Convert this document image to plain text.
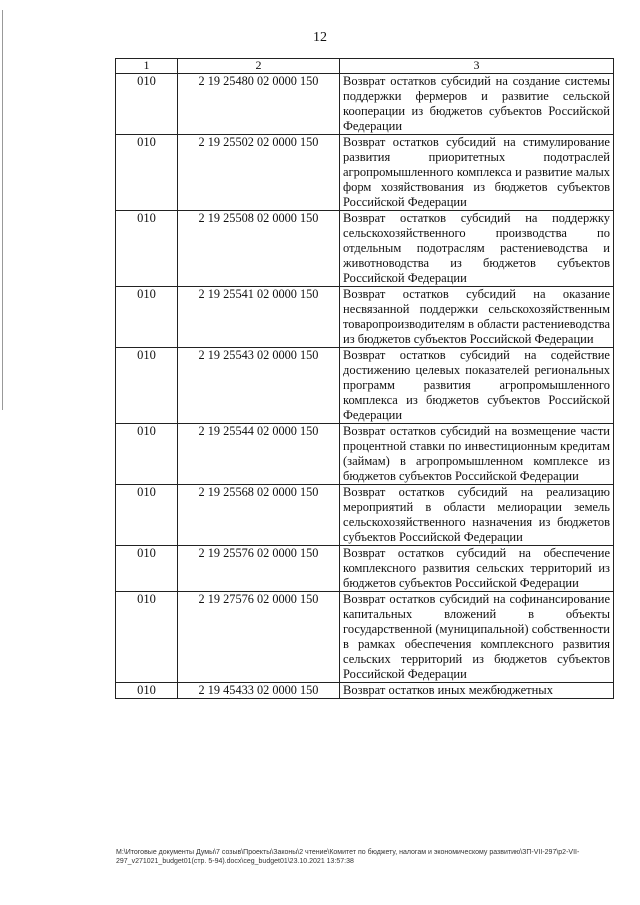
12
1	2	3
010	2 19 25480 02 0000 150	Возврат остатков субсидий на создание системы поддержки фермеров и развитие сельской кооперации из бюджетов субъектов Российской Федерации
010	2 19 25502 02 0000 150	Возврат остатков субсидий на стимулирование развития приоритетных подотраслей агропромышленного комплекса и развитие малых форм хозяйствования из бюджетов субъектов Российской Федерации
010	2 19 25508 02 0000 150	Возврат остатков субсидий на поддержку сельскохозяйственного производства по отдельным подотраслям растениеводства и животноводства из бюджетов субъектов Российской Федерации
010	2 19 25541 02 0000 150	Возврат остатков субсидий на оказание несвязанной поддержки сельскохозяйственным товаропроизводителям в области растениеводства из бюджетов субъектов Российской Федерации
010	2 19 25543 02 0000 150	Возврат остатков субсидий на содействие достижению целевых показателей региональных программ развития агропромышленного комплекса из бюджетов субъектов Российской Федерации
010	2 19 25544 02 0000 150	Возврат остатков субсидий на возмещение части процентной ставки по инвестиционным кредитам (займам) в агропромышленном комплексе из бюджетов субъектов Российской Федерации
010	2 19 25568 02 0000 150	Возврат остатков субсидий на реализацию мероприятий в области мелиорации земель сельскохозяйственного назначения из бюджетов субъектов Российской Федерации
010	2 19 25576 02 0000 150	Возврат остатков субсидий на обеспечение комплексного развития сельских территорий из бюджетов субъектов Российской Федерации
010	2 19 27576 02 0000 150	Возврат остатков субсидий на софинансирование капитальных вложений в объекты государственной (муниципальной) собственности в рамках обеспечения комплексного развития сельских территорий из бюджетов субъектов Российской Федерации
010	2 19 45433 02 0000 150	Возврат остатков иных межбюджетных
M:\Итоговые документы Думы\7 созыв\Проекты\Законы\2 чтение\Комитет по бюджету, налогам и экономическому развитию\ЗП-VII-297\p2-VII-297_v271021_budget01(стр. 5-94).docx\ceg_budget01\23.10.2021 13:57:38
